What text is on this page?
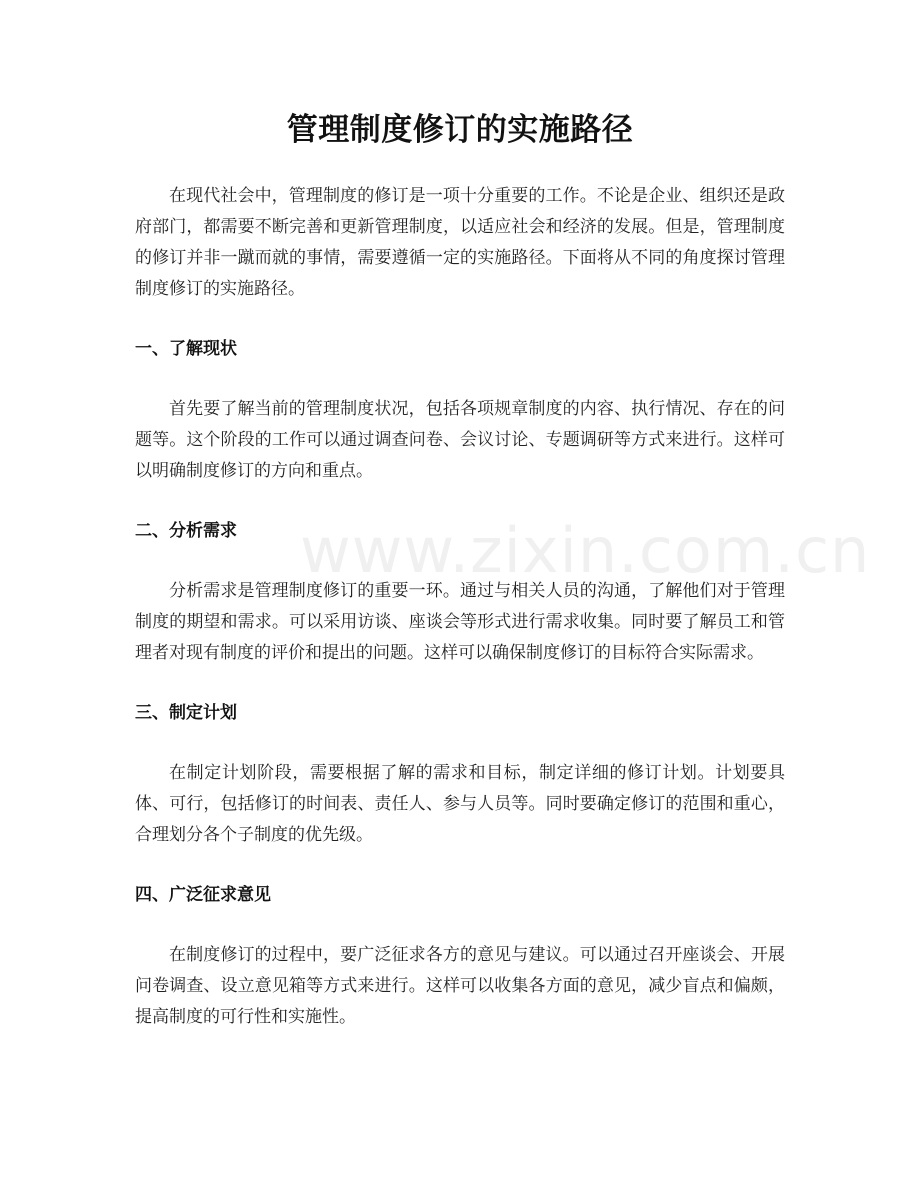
www.zixin.com.cn
管理制度修订的实施路径

在现代社会中，管理制度的修订是一项十分重要的工作。不论是企业、组织还是政府部门，都需要不断完善和更新管理制度，以适应社会和经济的发展。但是，管理制度的修订并非一蹴而就的事情，需要遵循一定的实施路径。下面将从不同的角度探讨管理制度修订的实施路径。

一、了解现状

首先要了解当前的管理制度状况，包括各项规章制度的内容、执行情况、存在的问题等。这个阶段的工作可以通过调查问卷、会议讨论、专题调研等方式来进行。这样可以明确制度修订的方向和重点。

二、分析需求

分析需求是管理制度修订的重要一环。通过与相关人员的沟通，了解他们对于管理制度的期望和需求。可以采用访谈、座谈会等形式进行需求收集。同时要了解员工和管理者对现有制度的评价和提出的问题。这样可以确保制度修订的目标符合实际需求。

三、制定计划

在制定计划阶段，需要根据了解的需求和目标，制定详细的修订计划。计划要具体、可行，包括修订的时间表、责任人、参与人员等。同时要确定修订的范围和重心，合理划分各个子制度的优先级。

四、广泛征求意见

在制度修订的过程中，要广泛征求各方的意见与建议。可以通过召开座谈会、开展问卷调查、设立意见箱等方式来进行。这样可以收集各方面的意见，减少盲点和偏颇，提高制度的可行性和实施性。
